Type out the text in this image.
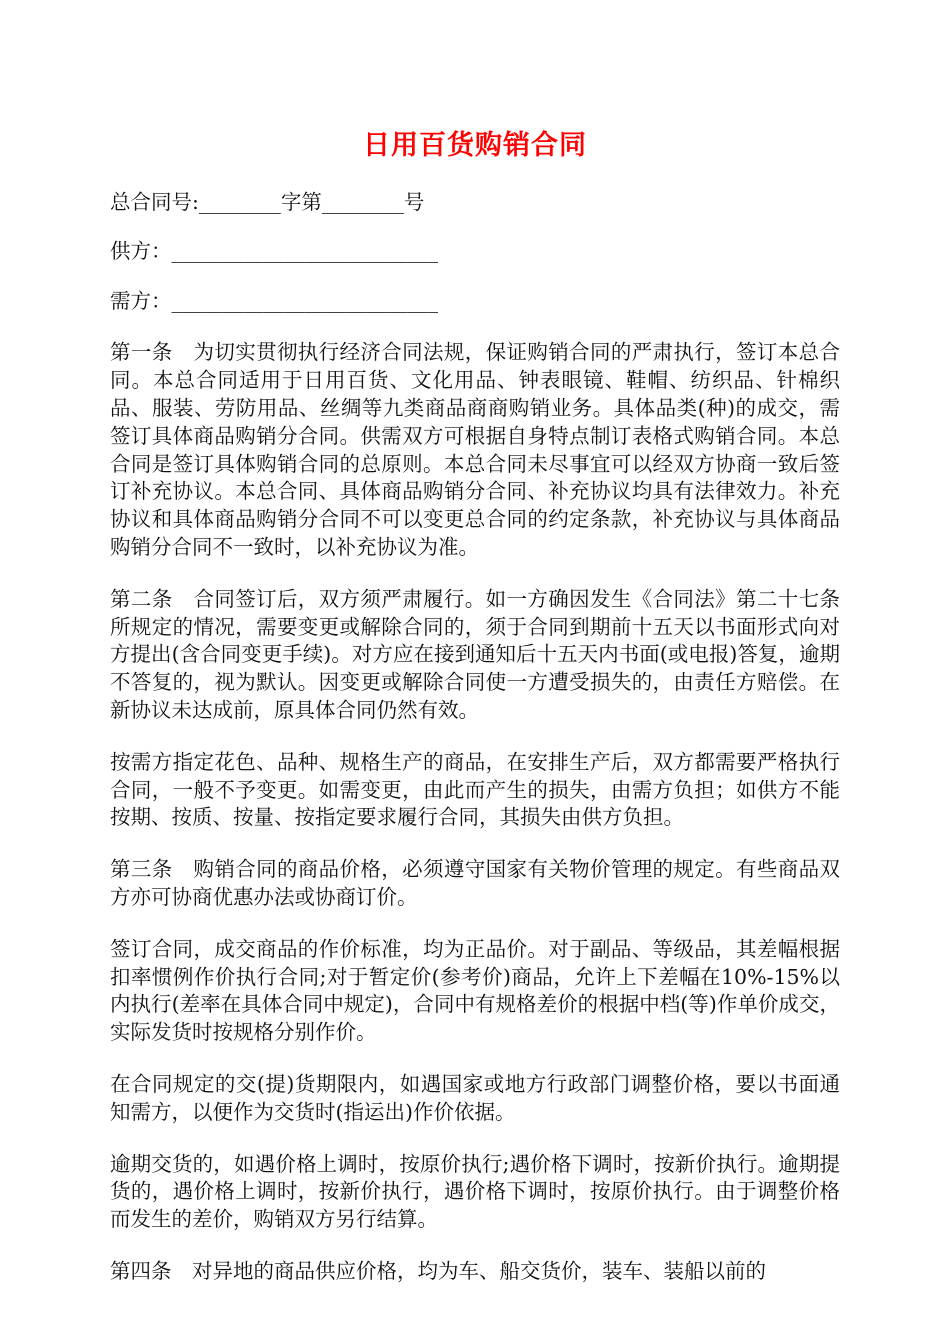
日用百货购销合同

总合同号:________字第________号

供方：__________________________

需方：__________________________

第一条　为切实贯彻执行经济合同法规，保证购销合同的严肃执行，签订本总合同。本总合同适用于日用百货、文化用品、钟表眼镜、鞋帽、纺织品、针棉织品、服装、劳防用品、丝绸等九类商品商商购销业务。具体品类(种)的成交，需签订具体商品购销分合同。供需双方可根据自身特点制订表格式购销合同。本总合同是签订具体购销合同的总原则。本总合同未尽事宜可以经双方协商一致后签订补充协议。本总合同、具体商品购销分合同、补充协议均具有法律效力。补充协议和具体商品购销分合同不可以变更总合同的约定条款，补充协议与具体商品购销分合同不一致时，以补充协议为准。

第二条　合同签订后，双方须严肃履行。如一方确因发生《合同法》第二十七条所规定的情况，需要变更或解除合同的，须于合同到期前十五天以书面形式向对方提出(含合同变更手续)。对方应在接到通知后十五天内书面(或电报)答复，逾期不答复的，视为默认。因变更或解除合同使一方遭受损失的，由责任方赔偿。在新协议未达成前，原具体合同仍然有效。

按需方指定花色、品种、规格生产的商品，在安排生产后，双方都需要严格执行合同，一般不予变更。如需变更，由此而产生的损失，由需方负担；如供方不能按期、按质、按量、按指定要求履行合同，其损失由供方负担。

第三条　购销合同的商品价格，必须遵守国家有关物价管理的规定。有些商品双方亦可协商优惠办法或协商订价。

签订合同，成交商品的作价标准，均为正品价。对于副品、等级品，其差幅根据扣率惯例作价执行合同;对于暂定价(参考价)商品，允许上下差幅在10%-15%以内执行(差率在具体合同中规定)，合同中有规格差价的根据中档(等)作单价成交，实际发货时按规格分别作价。

在合同规定的交(提)货期限内，如遇国家或地方行政部门调整价格，要以书面通知需方，以便作为交货时(指运出)作价依据。

逾期交货的，如遇价格上调时，按原价执行;遇价格下调时，按新价执行。逾期提货的，遇价格上调时，按新价执行，遇价格下调时，按原价执行。由于调整价格而发生的差价，购销双方另行结算。

第四条　对异地的商品供应价格，均为车、船交货价，装车、装船以前的
